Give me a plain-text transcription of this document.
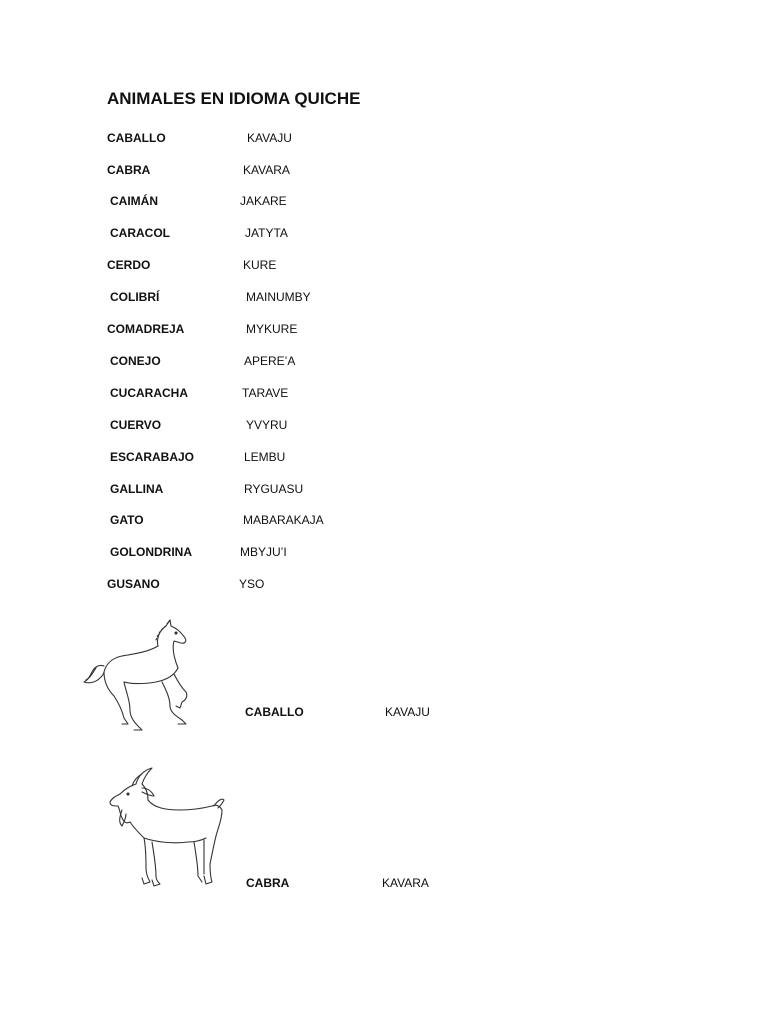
ANIMALES EN IDIOMA QUICHE
CABALLO	KAVAJU
CABRA	KAVARA
CAIMÁN	JAKARE
CARACOL	JATYTA
CERDO	KURE
COLIBRÍ	MAINUMBY
COMADREJA	MYKURE
CONEJO	APERE’A
CUCARACHA	TARAVE
CUERVO	YVYRU
ESCARABAJO	LEMBU
GALLINA	RYGUASU
GATO	MABARAKAJA
GOLONDRINA	MBYJU’I
GUSANO	YSO
CABALLO	KAVAJU
CABRA	KAVARA
